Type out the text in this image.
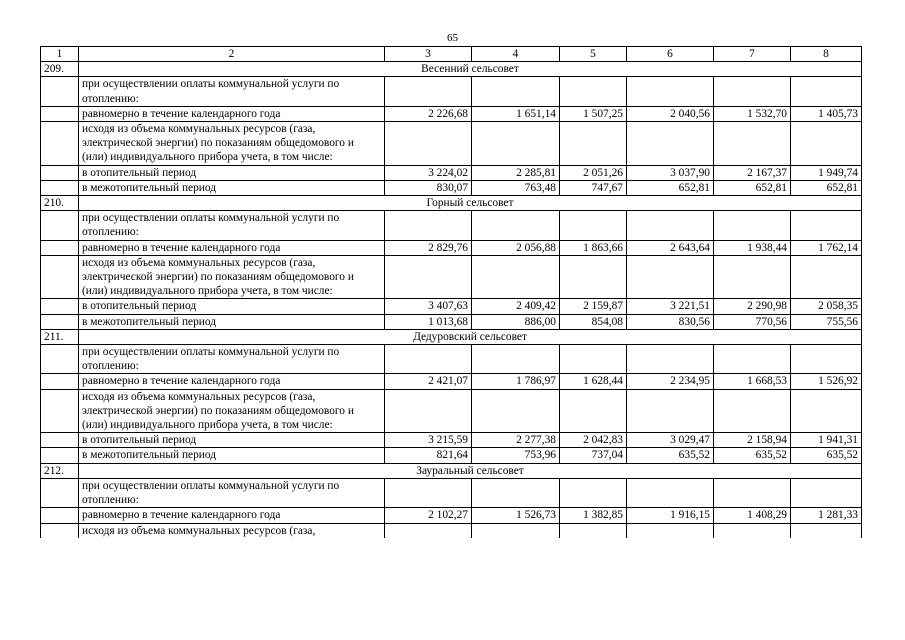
65
1	2	3	4	5	6	7	8
209.	Весенний сельсовет						
	при осуществлении оплаты коммунальной услуги по отоплению:						
	равномерно в течение календарного года	2 226,68	1 651,14	1 507,25	2 040,56	1 532,70	1 405,73
	исходя из объема коммунальных ресурсов (газа, электрической энергии) по показаниям общедомового и (или) индивидуального прибора учета, в том числе:						
	в отопительный период	3 224,02	2 285,81	2 051,26	3 037,90	2 167,37	1 949,74
	в межотопительный период	830,07	763,48	747,67	652,81	652,81	652,81
210.	Горный сельсовет						
	при осуществлении оплаты коммунальной услуги по отоплению:						
	равномерно в течение календарного года	2 829,76	2 056,88	1 863,66	2 643,64	1 938,44	1 762,14
	исходя из объема коммунальных ресурсов (газа, электрической энергии) по показаниям общедомового и (или) индивидуального прибора учета, в том числе:						
	в отопительный период	3 407,63	2 409,42	2 159,87	3 221,51	2 290,98	2 058,35
	в межотопительный период	1 013,68	886,00	854,08	830,56	770,56	755,56
211.	Дедуровский сельсовет						
	при осуществлении оплаты коммунальной услуги по отоплению:						
	равномерно в течение календарного года	2 421,07	1 786,97	1 628,44	2 234,95	1 668,53	1 526,92
	исходя из объема коммунальных ресурсов (газа, электрической энергии) по показаниям общедомового и (или) индивидуального прибора учета, в том числе:						
	в отопительный период	3 215,59	2 277,38	2 042,83	3 029,47	2 158,94	1 941,31
	в межотопительный период	821,64	753,96	737,04	635,52	635,52	635,52
212.	Зауральный сельсовет						
	при осуществлении оплаты коммунальной услуги по отоплению:						
	равномерно в течение календарного года	2 102,27	1 526,73	1 382,85	1 916,15	1 408,29	1 281,33
	исходя из объема коммунальных ресурсов (газа,						
